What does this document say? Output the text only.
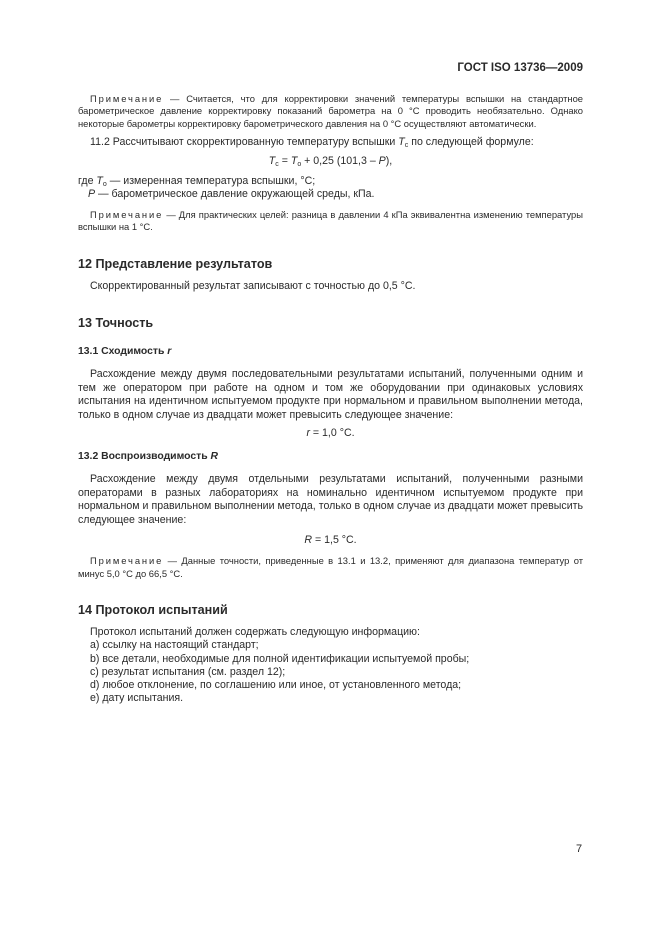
ГОСТ ISO 13736—2009
Примечание — Считается, что для корректировки значений температуры вспышки на стандартное барометрическое давление корректировку показаний барометра на 0 °С проводить необязательно. Однако некоторые барометры корректировку барометрического давления на 0 °С осуществляют автоматически.

11.2 Рассчитывают скорректированную температуру вспышки $T_c$ по следующей формуле:

$T_c = T_o + 0,25$ (101,3 – P),
где $T_o$ — измеренная температура вспышки, °С;
P — барометрическое давление окружающей среды, кПа.
Примечание — Для практических целей: разница в давлении 4 кПа эквивалентна изменению температуры вспышки на 1 °С.
12 Представление результатов

Скорректированный результат записывают с точностью до 0,5 °С.

13 Точность
13.1 Сходимость r

Расхождение между двумя последовательными результатами испытаний, полученными одним и тем же оператором при работе на одном и том же оборудовании при одинаковых условиях испытания на идентичном испытуемом продукте при нормальном и правильном выполнении метода, только в одном случае из двадцати может превысить следующее значение:

r = 1,0 °С.
13.2 Воспроизводимость R

Расхождение между двумя отдельными результатами испытаний, полученными разными операторами в разных лабораториях на номинально идентичном испытуемом продукте при нормальном и правильном выполнении метода, только в одном случае из двадцати может превысить следующее значение:

R = 1,5 °С.
Примечание — Данные точности, приведенные в 13.1 и 13.2, применяют для диапазона температур от минус 5,0 °С до 66,5 °С.
14 Протокол испытаний

Протокол испытаний должен содержать следующую информацию:

а) ссылку на настоящий стандарт;
b) все детали, необходимые для полной идентификации испытуемой пробы;
с) результат испытания (см. раздел 12);
d) любое отклонение, по соглашению или иное, от установленного метода;
е) дату испытания.
7
